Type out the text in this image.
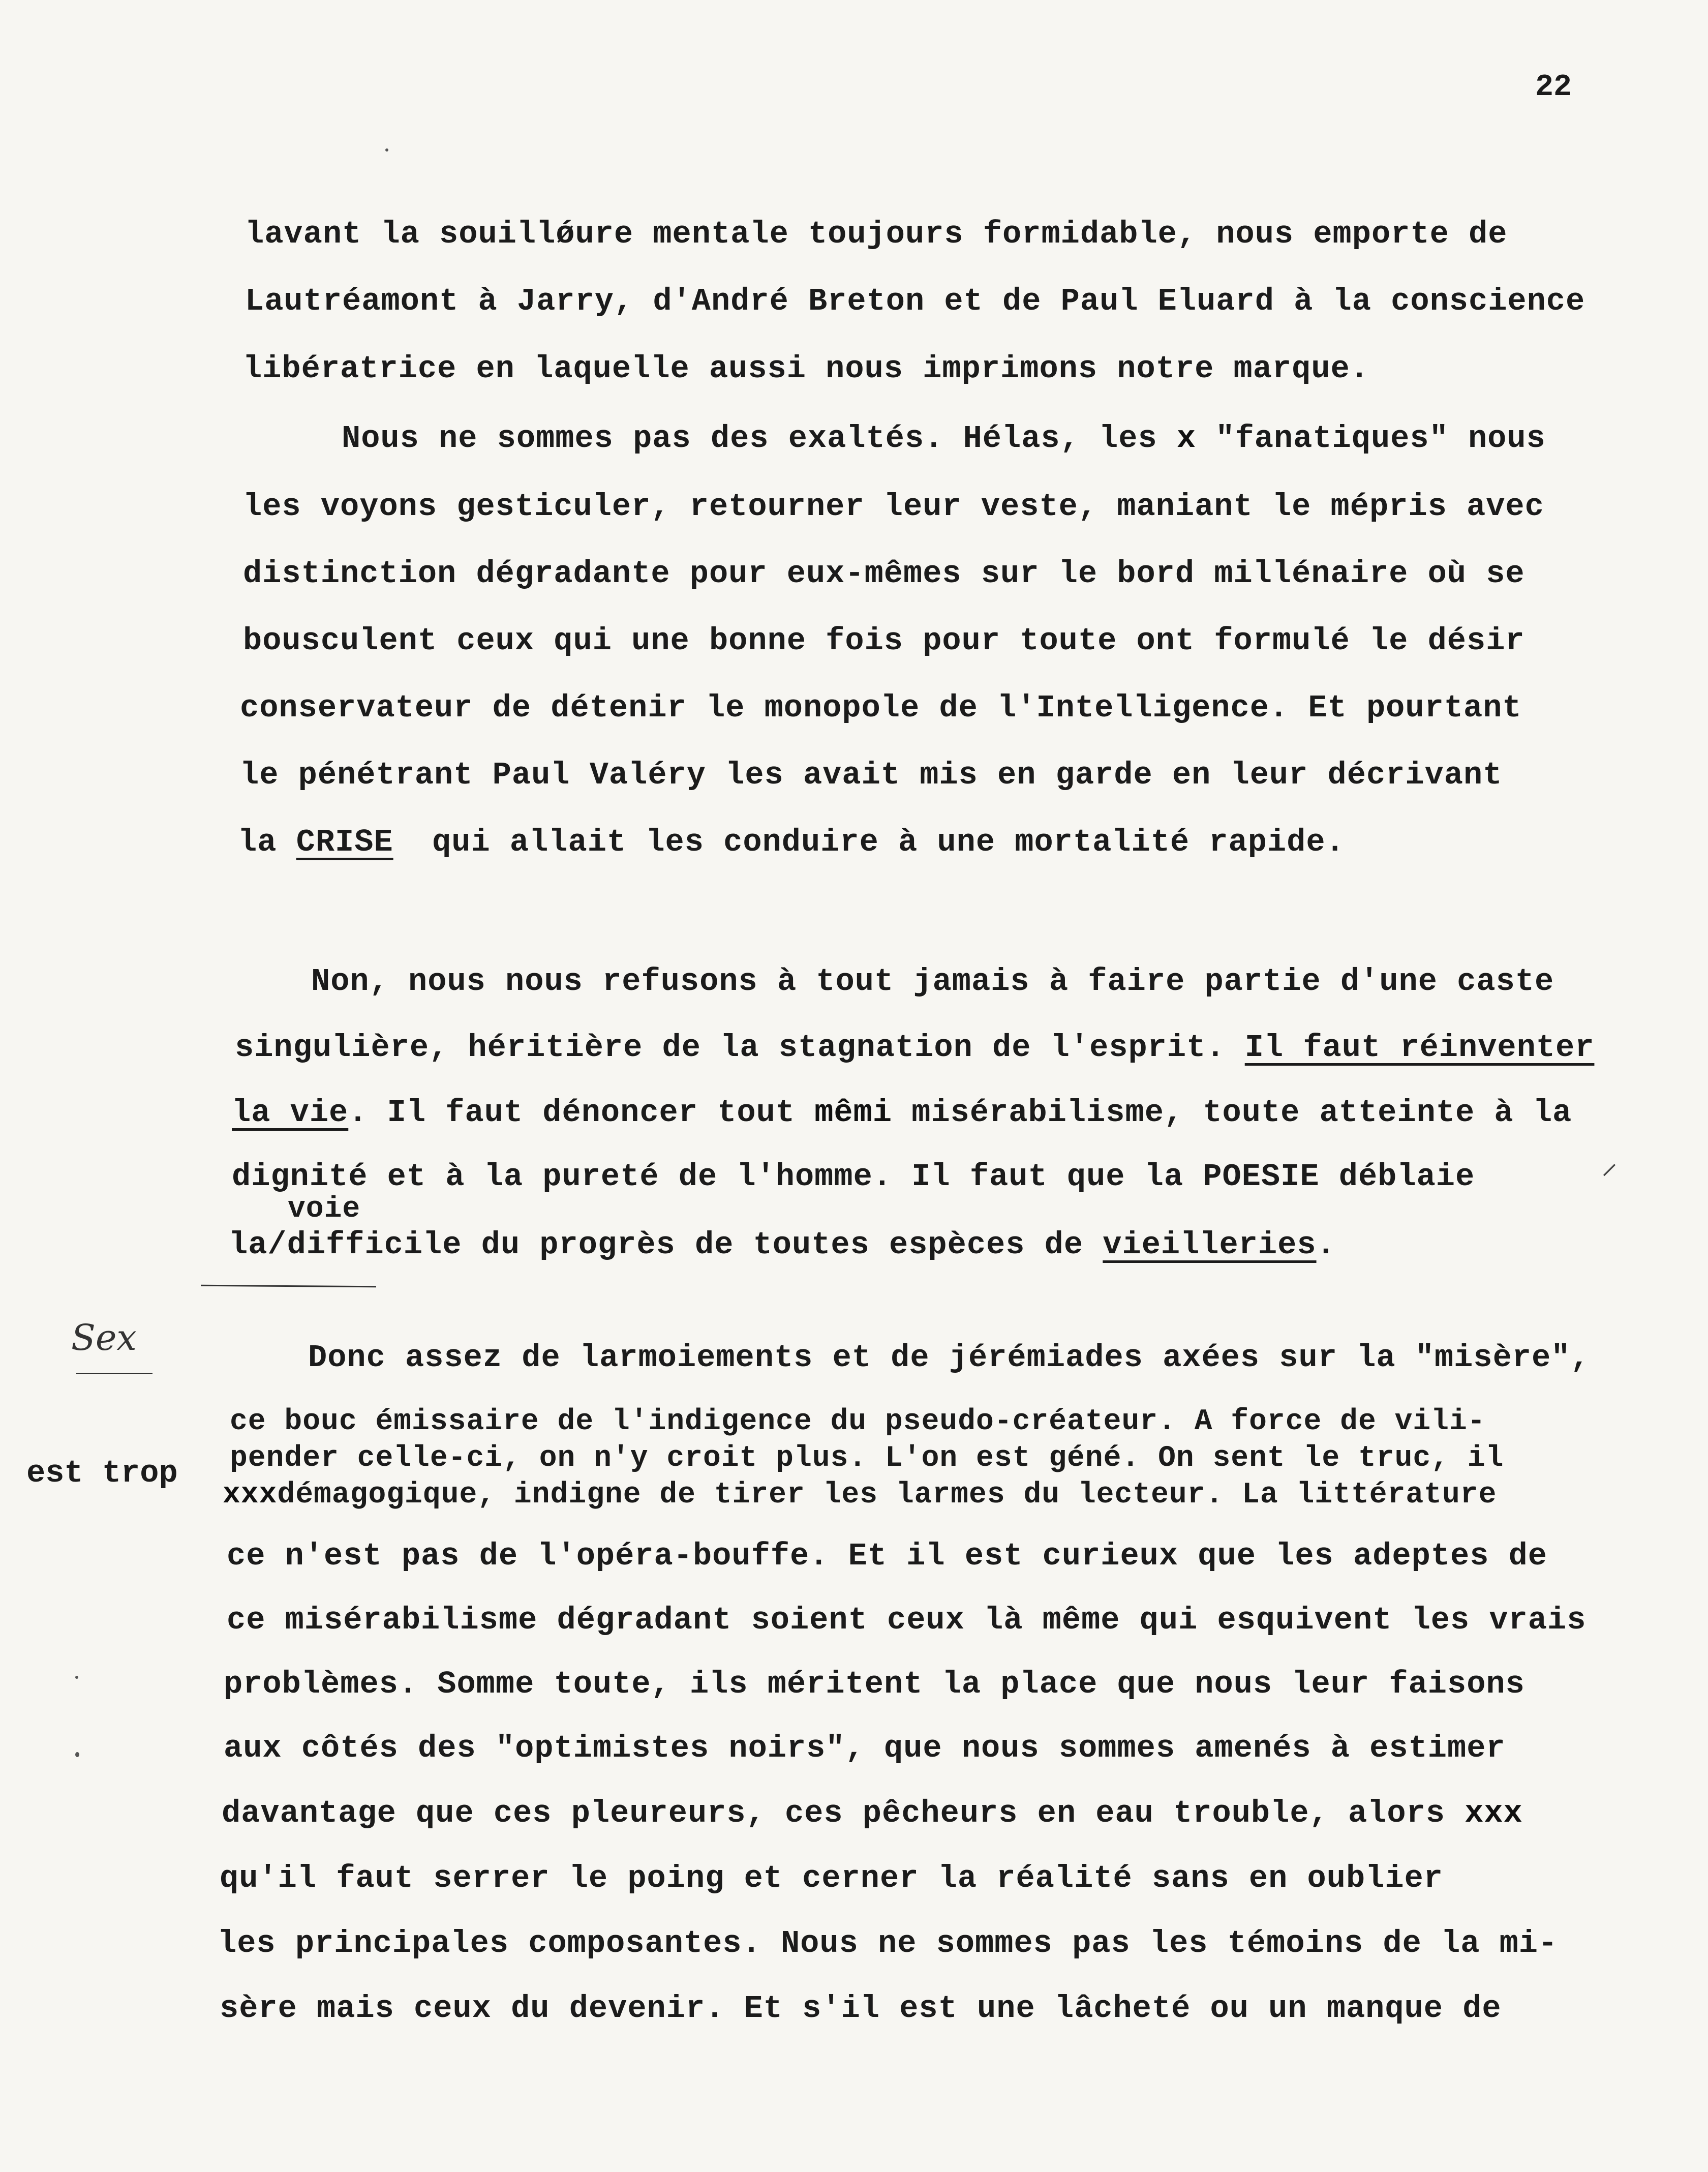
22
lavant la souillǿure mentale toujours formidable, nous emporte de
Lautréamont à Jarry, d'André Breton et de Paul Eluard à la conscience
libératrice en laquelle aussi nous imprimons notre marque.
Nous ne sommes pas des exaltés. Hélas, les x "fanatiques" nous
les voyons gesticuler, retourner leur veste, maniant le mépris avec
distinction dégradante pour eux-mêmes sur le bord millénaire où se
bousculent ceux qui une bonne fois pour toute ont formulé le désir
conservateur de détenir le monopole de l'Intelligence. Et pourtant
le pénétrant Paul Valéry les avait mis en garde en leur décrivant
la CRISE  qui allait les conduire à une mortalité rapide.
Non, nous nous refusons à tout jamais à faire partie d'une caste
singulière, héritière de la stagnation de l'esprit. Il faut réinventer
la vie. Il faut dénoncer tout mêmi misérabilisme, toute atteinte à la
dignité et à la pureté de l'homme. Il faut que la POESIE déblaie
voie
la/difficile du progrès de toutes espèces de vieilleries.
⸝
Sex
est trop
Donc assez de larmoiements et de jérémiades axées sur la "misère",
ce bouc émissaire de l'indigence du pseudo-créateur. A force de vili-
pender celle-ci, on n'y croit plus. L'on est géné. On sent le truc, il
xxxdémagogique, indigne de tirer les larmes du lecteur. La littérature
ce n'est pas de l'opéra-bouffe. Et il est curieux que les adeptes de
ce misérabilisme dégradant soient ceux là même qui esquivent les vrais
problèmes. Somme toute, ils méritent la place que nous leur faisons
aux côtés des "optimistes noirs", que nous sommes amenés à estimer
davantage que ces pleureurs, ces pêcheurs en eau trouble, alors xxx
qu'il faut serrer le poing et cerner la réalité sans en oublier
les principales composantes. Nous ne sommes pas les témoins de la mi-
sère mais ceux du devenir. Et s'il est une lâcheté ou un manque de
